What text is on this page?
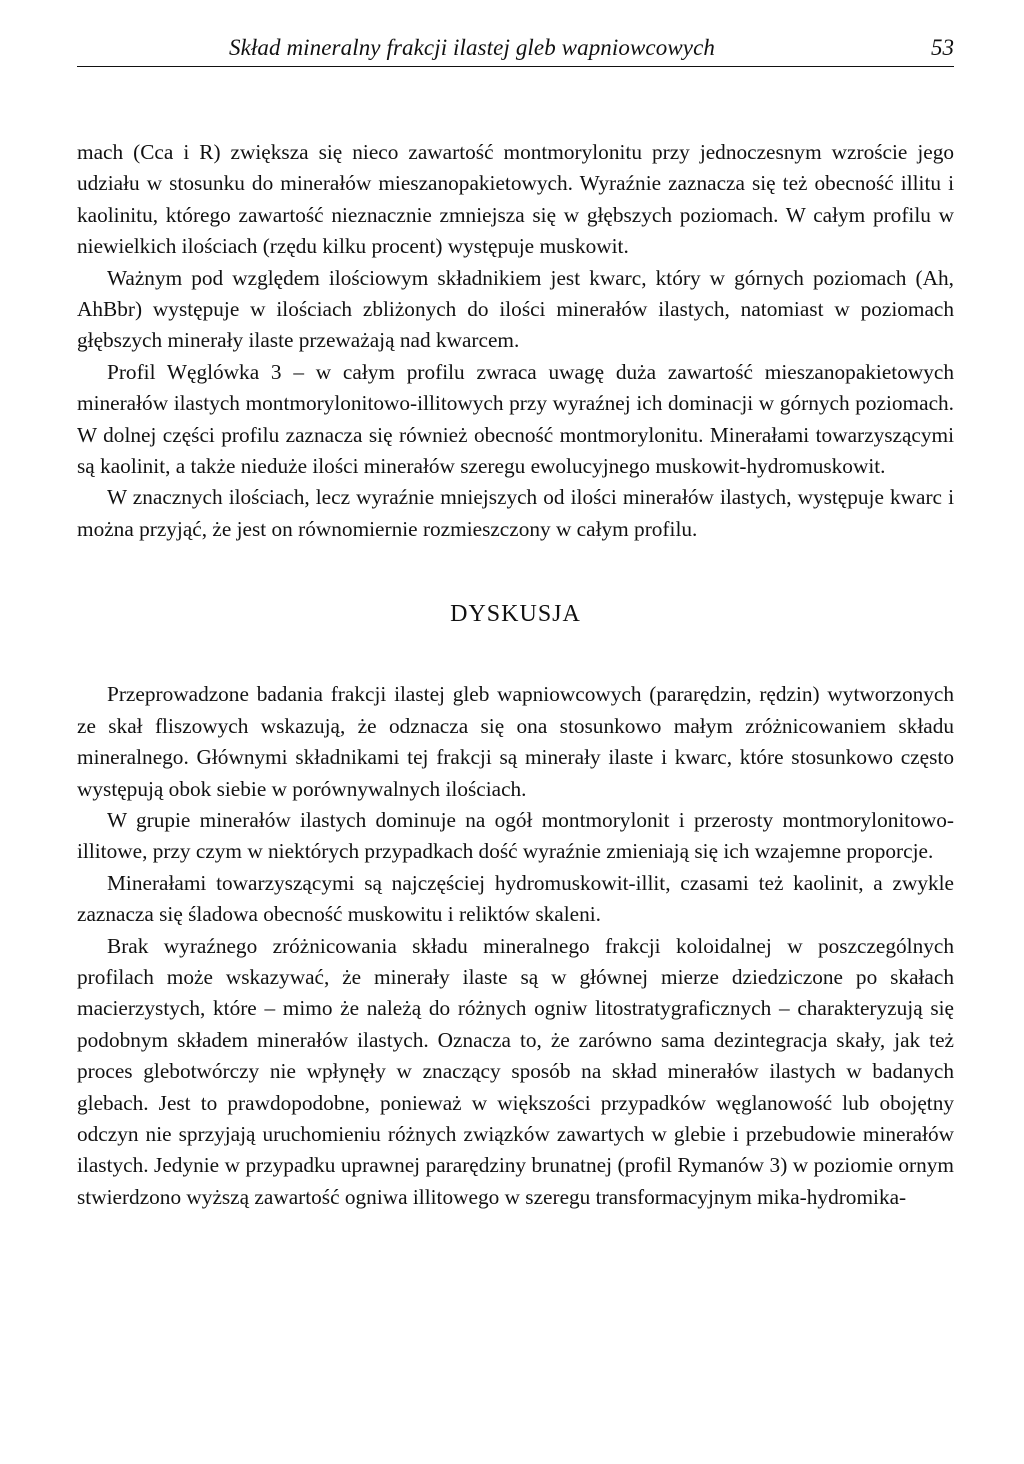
Skład mineralny frakcji ilastej gleb wapniowcowych	53

mach (Cca i R) zwiększa się nieco zawartość montmorylonitu przy jednoczesnym wzroście jego udziału w stosunku do minerałów mieszanopakietowych. Wyraźnie zaznacza się też obecność illitu i kaolinitu, którego zawartość nieznacznie zmniejsza się w głębszych poziomach. W całym profilu w niewielkich ilościach (rzędu kilku procent) występuje muskowit.

Ważnym pod względem ilościowym składnikiem jest kwarc, który w górnych poziomach (Ah, AhBbr) występuje w ilościach zbliżonych do ilości minerałów ilastych, natomiast w poziomach głębszych minerały ilaste przeważają nad kwarcem.

Profil Węglówka 3 – w całym profilu zwraca uwagę duża zawartość mieszanopakietowych minerałów ilastych montmorylonitowo-illitowych przy wyraźnej ich dominacji w górnych poziomach. W dolnej części profilu zaznacza się również obecność montmorylonitu. Minerałami towarzyszącymi są kaolinit, a także nieduże ilości minerałów szeregu ewolucyjnego muskowit-hydromuskowit.

W znacznych ilościach, lecz wyraźnie mniejszych od ilości minerałów ilastych, występuje kwarc i można przyjąć, że jest on równomiernie rozmieszczony w całym profilu.

DYSKUSJA

Przeprowadzone badania frakcji ilastej gleb wapniowcowych (pararędzin, rędzin) wytworzonych ze skał fliszowych wskazują, że odznacza się ona stosunkowo małym zróżnicowaniem składu mineralnego. Głównymi składnikami tej frakcji są minerały ilaste i kwarc, które stosunkowo często występują obok siebie w porównywalnych ilościach.

W grupie minerałów ilastych dominuje na ogół montmorylonit i przerosty montmorylonitowo-illitowe, przy czym w niektórych przypadkach dość wyraźnie zmieniają się ich wzajemne proporcje.

Minerałami towarzyszącymi są najczęściej hydromuskowit-illit, czasami też kaolinit, a zwykle zaznacza się śladowa obecność muskowitu i reliktów skaleni.

Brak wyraźnego zróżnicowania składu mineralnego frakcji koloidalnej w poszczególnych profilach może wskazywać, że minerały ilaste są w głównej mierze dziedziczone po skałach macierzystych, które – mimo że należą do różnych ogniw litostratygraficznych – charakteryzują się podobnym składem minerałów ilastych. Oznacza to, że zarówno sama dezintegracja skały, jak też proces glebotwórczy nie wpłynęły w znaczący sposób na skład minerałów ilastych w badanych glebach. Jest to prawdopodobne, ponieważ w większości przypadków węglanowość lub obojętny odczyn nie sprzyjają uruchomieniu różnych związków zawartych w glebie i przebudowie minerałów ilastych. Jedynie w przypadku uprawnej pararędziny brunatnej (profil Rymanów 3) w poziomie ornym stwierdzono wyższą zawartość ogniwa illitowego w szeregu transformacyjnym mika-hydromika-
